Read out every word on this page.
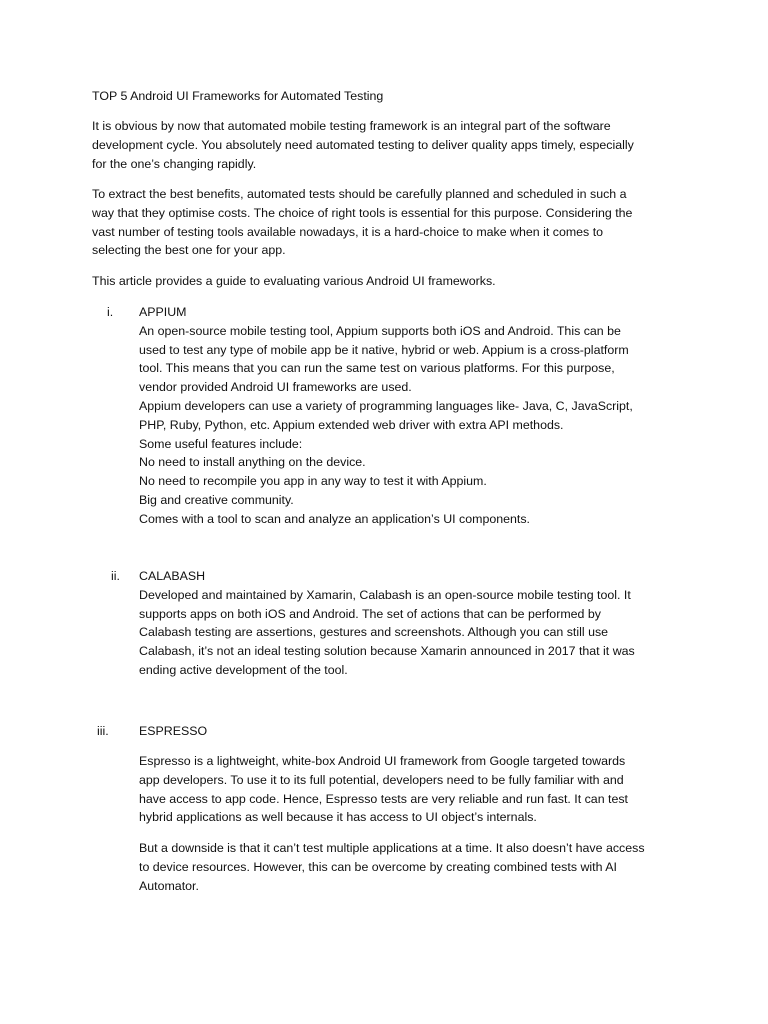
TOP 5 Android UI Frameworks for Automated Testing

It is obvious by now that automated mobile testing framework is an integral part of the software
development cycle. You absolutely need automated testing to deliver quality apps timely, especially
for the one’s changing rapidly.

To extract the best benefits, automated tests should be carefully planned and scheduled in such a
way that they optimise costs. The choice of right tools is essential for this purpose. Considering the
vast number of testing tools available nowadays, it is a hard-choice to make when it comes to
selecting the best one for your app.

This article provides a guide to evaluating various Android UI frameworks.

i. APPIUM
An open-source mobile testing tool, Appium supports both iOS and Android. This can be
used to test any type of mobile app be it native, hybrid or web. Appium is a cross-platform
tool. This means that you can run the same test on various platforms. For this purpose,
vendor provided Android UI frameworks are used.
Appium developers can use a variety of programming languages like- Java, C, JavaScript,
PHP, Ruby, Python, etc. Appium extended web driver with extra API methods.
Some useful features include:
No need to install anything on the device.
No need to recompile you app in any way to test it with Appium.
Big and creative community.
Comes with a tool to scan and analyze an application’s UI components.

ii. CALABASH
Developed and maintained by Xamarin, Calabash is an open-source mobile testing tool. It
supports apps on both iOS and Android. The set of actions that can be performed by
Calabash testing are assertions, gestures and screenshots. Although you can still use
Calabash, it’s not an ideal testing solution because Xamarin announced in 2017 that it was
ending active development of the tool.

iii. ESPRESSO

Espresso is a lightweight, white-box Android UI framework from Google targeted towards
app developers. To use it to its full potential, developers need to be fully familiar with and
have access to app code. Hence, Espresso tests are very reliable and run fast. It can test
hybrid applications as well because it has access to UI object’s internals.

But a downside is that it can’t test multiple applications at a time. It also doesn’t have access
to device resources. However, this can be overcome by creating combined tests with AI
Automator.
